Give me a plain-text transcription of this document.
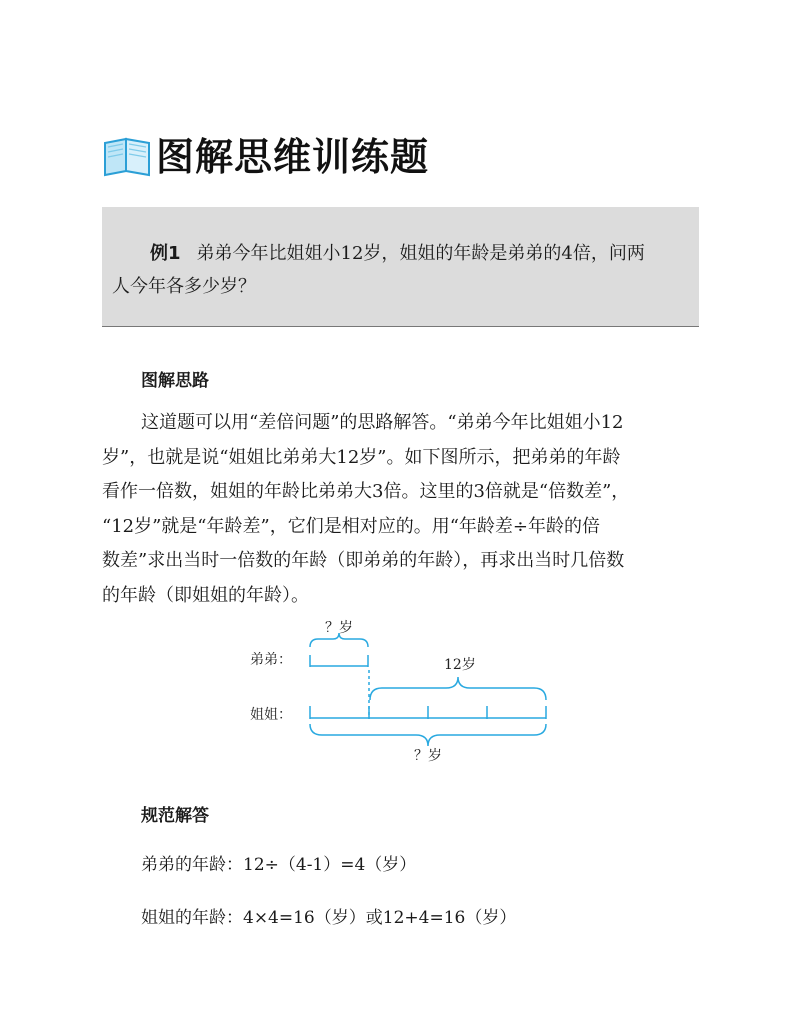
图解思维训练题
例1 弟弟今年比姐姐小12岁，姐姐的年龄是弟弟的4倍，问两
人今年各多少岁？
图解思路
这道题可以用“差倍问题”的思路解答。“弟弟今年比姐姐小12
岁”，也就是说“姐姐比弟弟大12岁”。如下图所示，把弟弟的年龄
看作一倍数，姐姐的年龄比弟弟大3倍。这里的3倍就是“倍数差”，
“12岁”就是“年龄差”，它们是相对应的。用“年龄差÷年龄的倍
数差”求出当时一倍数的年龄（即弟弟的年龄），再求出当时几倍数
的年龄（即姐姐的年龄）。
弟弟：
姐姐：
？岁
12岁
？岁
规范解答
弟弟的年龄：12÷（4-1）=4（岁）
姐姐的年龄：4×4=16（岁）或12+4=16（岁）
